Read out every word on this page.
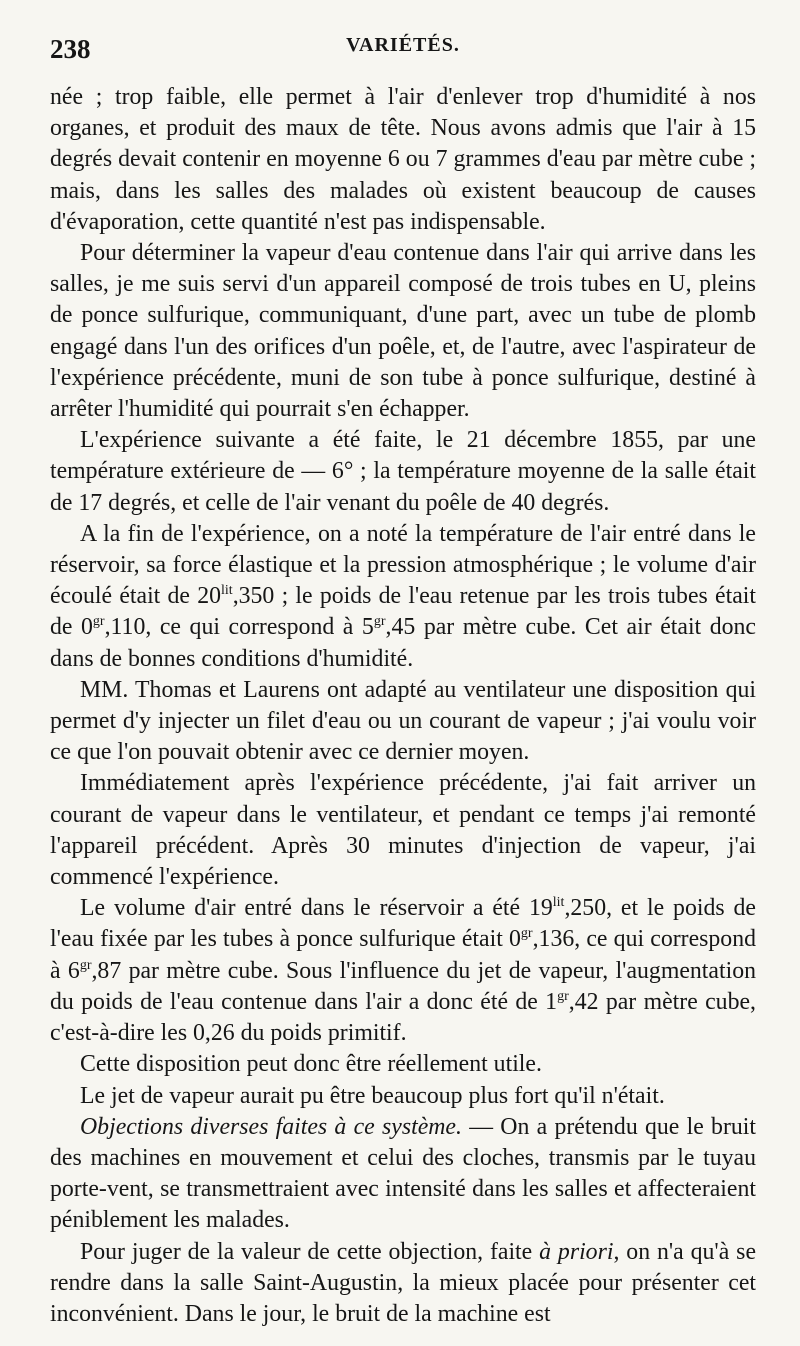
238	VARIÉTÉS.

née ; trop faible, elle permet à l'air d'enlever trop d'humidité à nos organes, et produit des maux de tête. Nous avons admis que l'air à 15 degrés devait contenir en moyenne 6 ou 7 grammes d'eau par mètre cube ; mais, dans les salles des malades où existent beaucoup de causes d'évaporation, cette quantité n'est pas indispensable.

Pour déterminer la vapeur d'eau contenue dans l'air qui arrive dans les salles, je me suis servi d'un appareil composé de trois tubes en U, pleins de ponce sulfurique, communiquant, d'une part, avec un tube de plomb engagé dans l'un des orifices d'un poêle, et, de l'autre, avec l'aspirateur de l'expérience précédente, muni de son tube à ponce sulfurique, destiné à arrêter l'humidité qui pourrait s'en échapper.

L'expérience suivante a été faite, le 21 décembre 1855, par une température extérieure de — 6° ; la température moyenne de la salle était de 17 degrés, et celle de l'air venant du poêle de 40 degrés.

A la fin de l'expérience, on a noté la température de l'air entré dans le réservoir, sa force élastique et la pression atmosphérique ; le volume d'air écoulé était de $20^{lit},350$ ; le poids de l'eau retenue par les trois tubes était de $0^{gr},110$, ce qui correspond à $5^{gr},45$ par mètre cube. Cet air était donc dans de bonnes conditions d'humidité.

MM. Thomas et Laurens ont adapté au ventilateur une disposition qui permet d'y injecter un filet d'eau ou un courant de vapeur ; j'ai voulu voir ce que l'on pouvait obtenir avec ce dernier moyen.

Immédiatement après l'expérience précédente, j'ai fait arriver un courant de vapeur dans le ventilateur, et pendant ce temps j'ai remonté l'appareil précédent. Après 30 minutes d'injection de vapeur, j'ai commencé l'expérience.

Le volume d'air entré dans le réservoir a été $19^{lit},250$, et le poids de l'eau fixée par les tubes à ponce sulfurique était $0^{gr},136$, ce qui correspond à $6^{gr},87$ par mètre cube. Sous l'influence du jet de vapeur, l'augmentation du poids de l'eau contenue dans l'air a donc été de $1^{gr},42$ par mètre cube, c'est-à-dire les 0,26 du poids primitif.

Cette disposition peut donc être réellement utile.

Le jet de vapeur aurait pu être beaucoup plus fort qu'il n'était.

Objections diverses faites à ce système. — On a prétendu que le bruit des machines en mouvement et celui des cloches, transmis par le tuyau porte-vent, se transmettraient avec intensité dans les salles et affecteraient péniblement les malades.

Pour juger de la valeur de cette objection, faite à priori, on n'a qu'à se rendre dans la salle Saint-Augustin, la mieux placée pour présenter cet inconvénient. Dans le jour, le bruit de la machine est
